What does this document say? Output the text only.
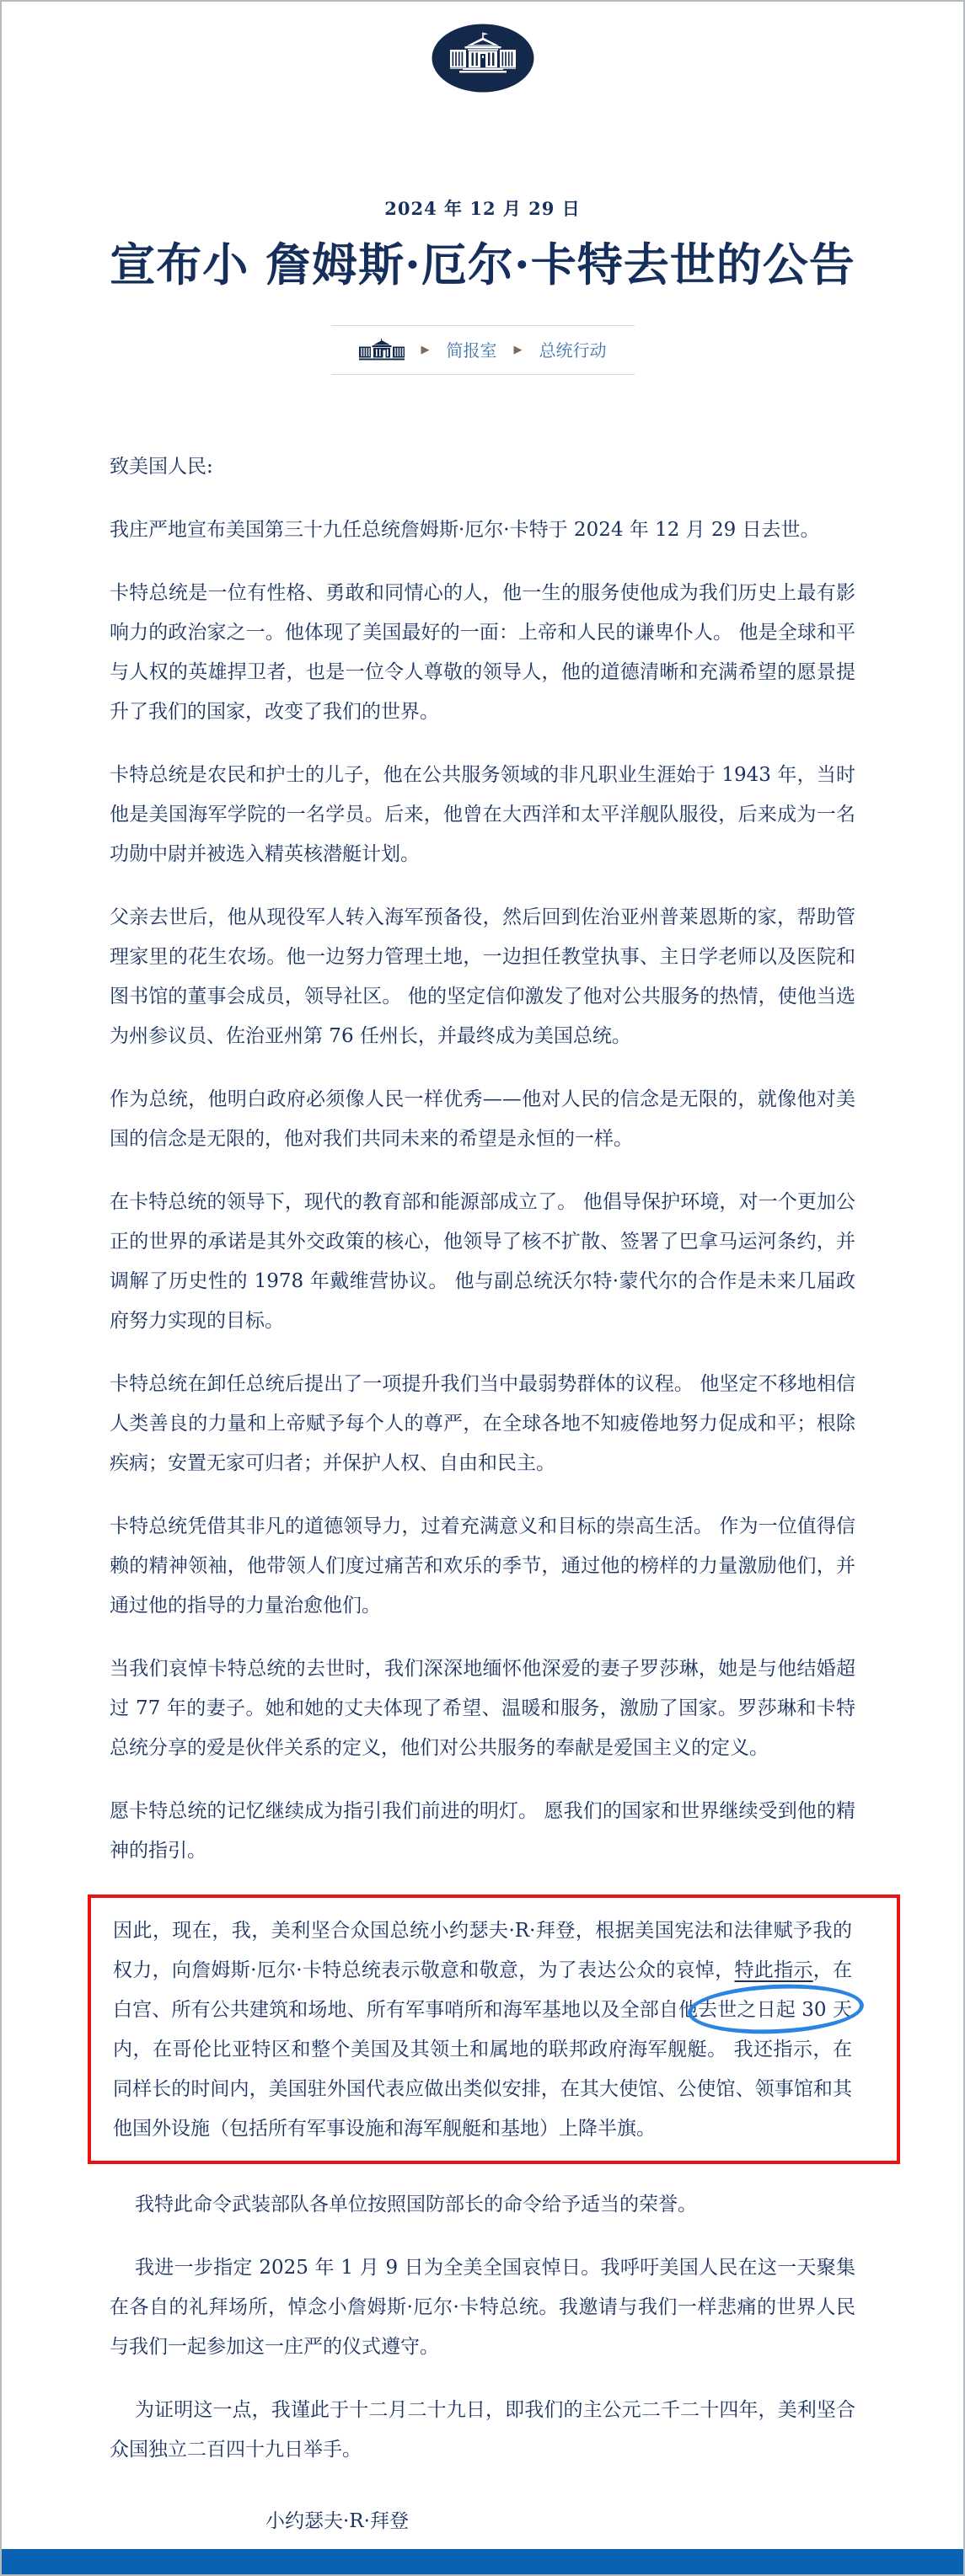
2024 年 12 月 29 日
宣布小 詹姆斯·厄尔·卡特去世的公告
▶ 简报室 ▶ 总统行动

致美国人民:

我庄严地宣布美国第三十九任总统詹姆斯·厄尔·卡特于 2024 年 12 月 29 日去世。

卡特总统是一位有性格、勇敢和同情心的人，他一生的服务使他成为我们历史上最有影响力的政治家之一。他体现了美国最好的一面：上帝和人民的谦卑仆人。 他是全球和平与人权的英雄捍卫者，也是一位令人尊敬的领导人，他的道德清晰和充满希望的愿景提升了我们的国家，改变了我们的世界。

卡特总统是农民和护士的儿子，他在公共服务领域的非凡职业生涯始于 1943 年，当时他是美国海军学院的一名学员。后来，他曾在大西洋和太平洋舰队服役，后来成为一名功勋中尉并被选入精英核潜艇计划。

父亲去世后，他从现役军人转入海军预备役，然后回到佐治亚州普莱恩斯的家，帮助管理家里的花生农场。他一边努力管理土地，一边担任教堂执事、主日学老师以及医院和图书馆的董事会成员，领导社区。 他的坚定信仰激发了他对公共服务的热情，使他当选为州参议员、佐治亚州第 76 任州长，并最终成为美国总统。

作为总统，他明白政府必须像人民一样优秀——他对人民的信念是无限的，就像他对美国的信念是无限的，他对我们共同未来的希望是永恒的一样。

在卡特总统的领导下，现代的教育部和能源部成立了。 他倡导保护环境，对一个更加公正的世界的承诺是其外交政策的核心，他领导了核不扩散、签署了巴拿马运河条约，并调解了历史性的 1978 年戴维营协议。 他与副总统沃尔特·蒙代尔的合作是未来几届政府努力实现的目标。

卡特总统在卸任总统后提出了一项提升我们当中最弱势群体的议程。 他坚定不移地相信人类善良的力量和上帝赋予每个人的尊严，在全球各地不知疲倦地努力促成和平；根除疾病；安置无家可归者；并保护人权、自由和民主。

卡特总统凭借其非凡的道德领导力，过着充满意义和目标的崇高生活。 作为一位值得信赖的精神领袖，他带领人们度过痛苦和欢乐的季节，通过他的榜样的力量激励他们，并通过他的指导的力量治愈他们。

当我们哀悼卡特总统的去世时，我们深深地缅怀他深爱的妻子罗莎琳，她是与他结婚超过 77 年的妻子。她和她的丈夫体现了希望、温暖和服务，激励了国家。罗莎琳和卡特总统分享的爱是伙伴关系的定义，他们对公共服务的奉献是爱国主义的定义。

愿卡特总统的记忆继续成为指引我们前进的明灯。 愿我们的国家和世界继续受到他的精神的指引。

因此，现在，我，美利坚合众国总统小约瑟夫·R·拜登，根据美国宪法和法律赋予我的权力，向詹姆斯·厄尔·卡特总统表示敬意和敬意，为了表达公众的哀悼，特此指示，在白宫、所有公共建筑和场地、所有军事哨所和海军基地以及全部自他去世之日起 30 天
内，在哥伦比亚特区和整个美国及其领土和属地的联邦政府海军舰艇。 我还指示，在同样长的时间内，美国驻外国代表应做出类似安排，在其大使馆、公使馆、领事馆和其他国外设施（包括所有军事设施和海军舰艇和基地）上降半旗。

我特此命令武装部队各单位按照国防部长的命令给予适当的荣誉。

我进一步指定 2025 年 1 月 9 日为全美全国哀悼日。我呼吁美国人民在这一天聚集在各自的礼拜场所，悼念小詹姆斯·厄尔·卡特总统。我邀请与我们一样悲痛的世界人民与我们一起参加这一庄严的仪式遵守。

为证明这一点，我谨此于十二月二十九日，即我们的主公元二千二十四年，美利坚合众国独立二百四十九日举手。

小约瑟夫·R·拜登
